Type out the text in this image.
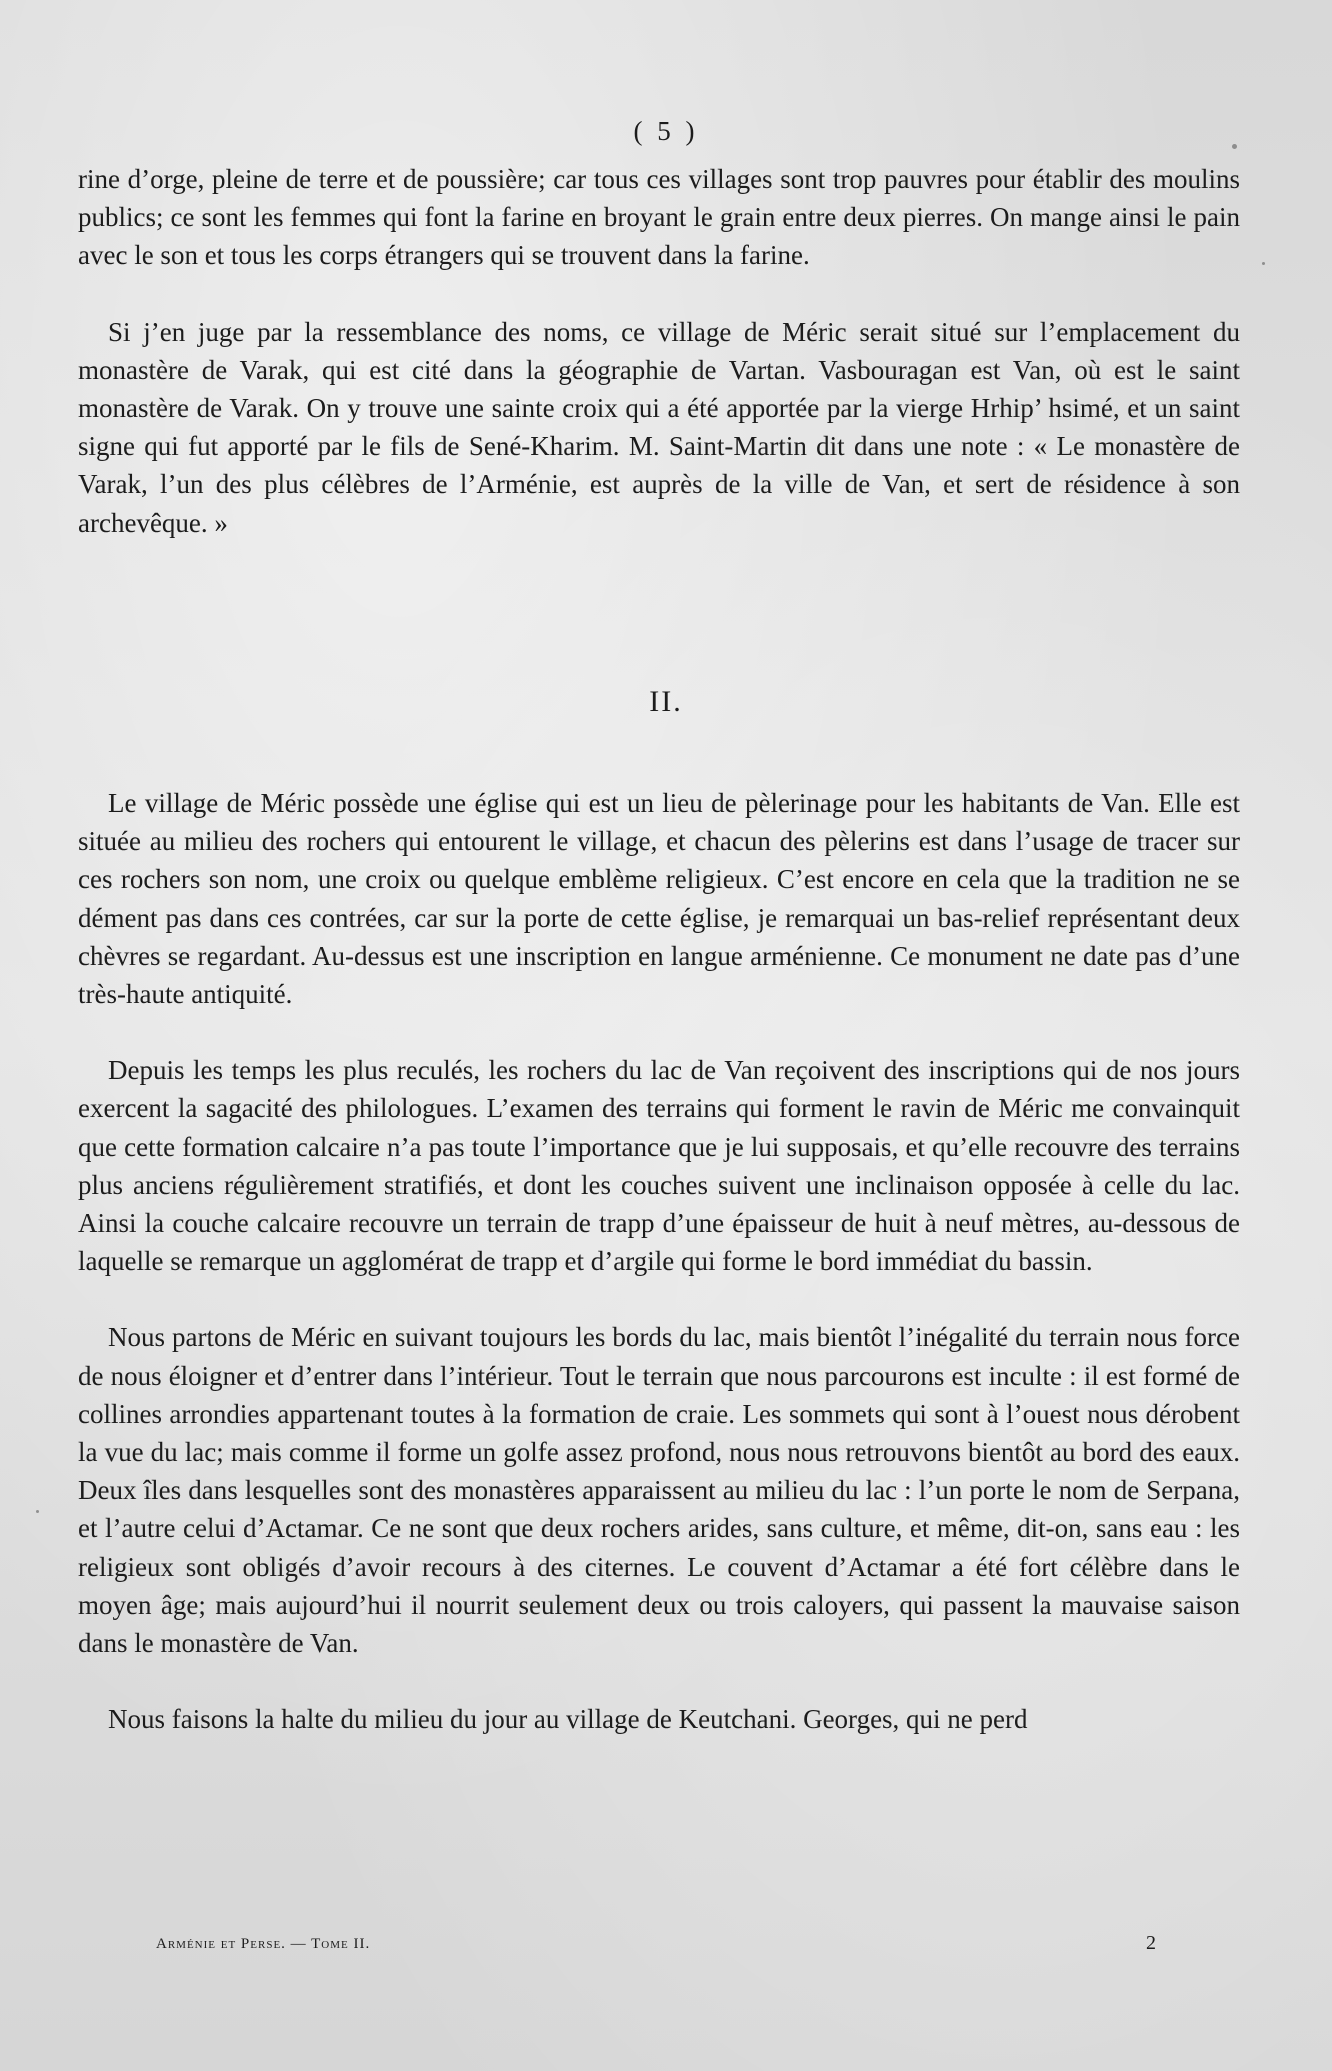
( 5 )

rine d’orge, pleine de terre et de poussière; car tous ces villages sont trop pauvres pour établir des moulins publics; ce sont les femmes qui font la farine en broyant le grain entre deux pierres. On mange ainsi le pain avec le son et tous les corps étrangers qui se trouvent dans la farine.

Si j’en juge par la ressemblance des noms, ce village de Méric serait situé sur l’emplacement du monastère de Varak, qui est cité dans la géographie de Vartan. Vasbouragan est Van, où est le saint monastère de Varak. On y trouve une sainte croix qui a été apportée par la vierge Hrhip’ hsimé, et un saint signe qui fut apporté par le fils de Sené-Kharim. M. Saint-Martin dit dans une note : « Le monastère de Varak, l’un des plus célèbres de l’Arménie, est auprès de la ville de Van, et sert de résidence à son archevêque. »

II.

Le village de Méric possède une église qui est un lieu de pèlerinage pour les habitants de Van. Elle est située au milieu des rochers qui entourent le village, et chacun des pèlerins est dans l’usage de tracer sur ces rochers son nom, une croix ou quelque emblème religieux. C’est encore en cela que la tradition ne se dément pas dans ces contrées, car sur la porte de cette église, je remarquai un bas-relief représentant deux chèvres se regardant. Au-dessus est une inscription en langue arménienne. Ce monument ne date pas d’une très-haute antiquité.

Depuis les temps les plus reculés, les rochers du lac de Van reçoivent des inscriptions qui de nos jours exercent la sagacité des philologues. L’examen des terrains qui forment le ravin de Méric me convainquit que cette formation calcaire n’a pas toute l’importance que je lui supposais, et qu’elle recouvre des terrains plus anciens régulièrement stratifiés, et dont les couches suivent une inclinaison opposée à celle du lac. Ainsi la couche calcaire recouvre un terrain de trapp d’une épaisseur de huit à neuf mètres, au-dessous de laquelle se remarque un agglomérat de trapp et d’argile qui forme le bord immédiat du bassin.

Nous partons de Méric en suivant toujours les bords du lac, mais bientôt l’inégalité du terrain nous force de nous éloigner et d’entrer dans l’intérieur. Tout le terrain que nous parcourons est inculte : il est formé de collines arrondies appartenant toutes à la formation de craie. Les sommets qui sont à l’ouest nous dérobent la vue du lac; mais comme il forme un golfe assez profond, nous nous retrouvons bientôt au bord des eaux. Deux îles dans lesquelles sont des monastères apparaissent au milieu du lac : l’un porte le nom de Serpana, et l’autre celui d’Actamar. Ce ne sont que deux rochers arides, sans culture, et même, dit-on, sans eau : les religieux sont obligés d’avoir recours à des citernes. Le couvent d’Actamar a été fort célèbre dans le moyen âge; mais aujourd’hui il nourrit seulement deux ou trois caloyers, qui passent la mauvaise saison dans le monastère de Van.

Nous faisons la halte du milieu du jour au village de Keutchani. Georges, qui ne perd

Arménie et Perse. — Tome II.	2
